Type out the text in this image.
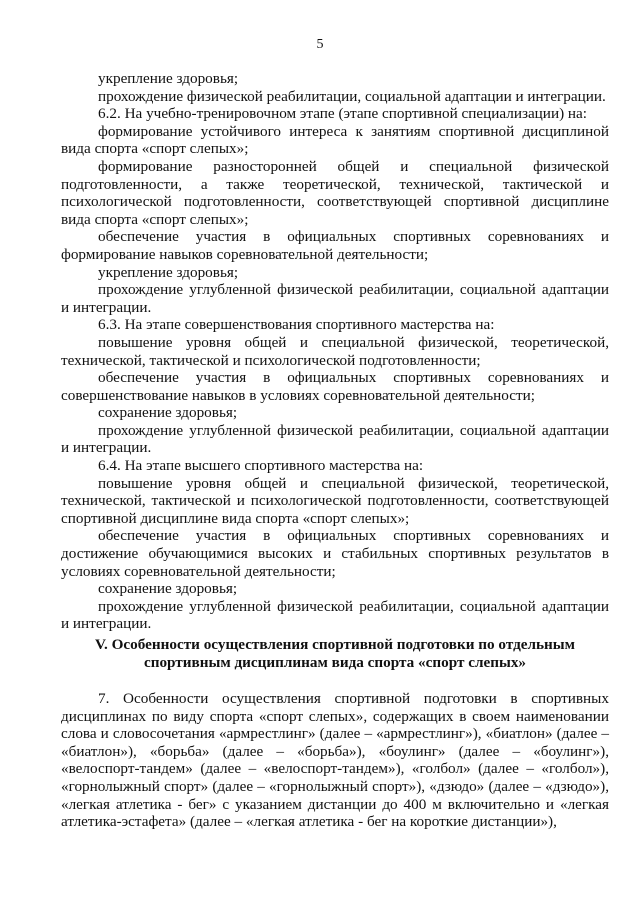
5

укрепление здоровья;

прохождение физической реабилитации, социальной адаптации и интеграции.

6.2. На учебно-тренировочном этапе (этапе спортивной специализации) на:

формирование устойчивого интереса к занятиям спортивной дисциплиной вида спорта «спорт слепых»;

формирование разносторонней общей и специальной физической подготовленности, а также теоретической, технической, тактической и психологической подготовленности, соответствующей спортивной дисциплине вида спорта «спорт слепых»;

обеспечение участия в официальных спортивных соревнованиях и формирование навыков соревновательной деятельности;

укрепление здоровья;

прохождение углубленной физической реабилитации, социальной адаптации и интеграции.

6.3. На этапе совершенствования спортивного мастерства на:

повышение уровня общей и специальной физической, теоретической, технической, тактической и психологической подготовленности;

обеспечение участия в официальных спортивных соревнованиях и совершенствование навыков в условиях соревновательной деятельности;

сохранение здоровья;

прохождение углубленной физической реабилитации, социальной адаптации и интеграции.

6.4. На этапе высшего спортивного мастерства на:

повышение уровня общей и специальной физической, теоретической, технической, тактической и психологической подготовленности, соответствующей спортивной дисциплине вида спорта «спорт слепых»;

обеспечение участия в официальных спортивных соревнованиях и достижение обучающимися высоких и стабильных спортивных результатов в условиях соревновательной деятельности;

сохранение здоровья;

прохождение углубленной физической реабилитации, социальной адаптации и интеграции.

V. Особенности осуществления спортивной подготовки по отдельным
спортивным дисциплинам вида спорта «спорт слепых»

7. Особенности осуществления спортивной подготовки в спортивных дисциплинах по виду спорта «спорт слепых», содержащих в своем наименовании слова и словосочетания «армрестлинг» (далее – «армрестлинг»), «биатлон» (далее – «биатлон»), «борьба» (далее – «борьба»), «боулинг» (далее – «боулинг»), «велоспорт-тандем» (далее – «велоспорт-тандем»), «голбол» (далее – «голбол»), «горнолыжный спорт» (далее – «горнолыжный спорт»), «дзюдо» (далее – «дзюдо»), «легкая атлетика - бег» с указанием дистанции до 400 м включительно и «легкая атлетика-эстафета» (далее – «легкая атлетика - бег на короткие дистанции»),
